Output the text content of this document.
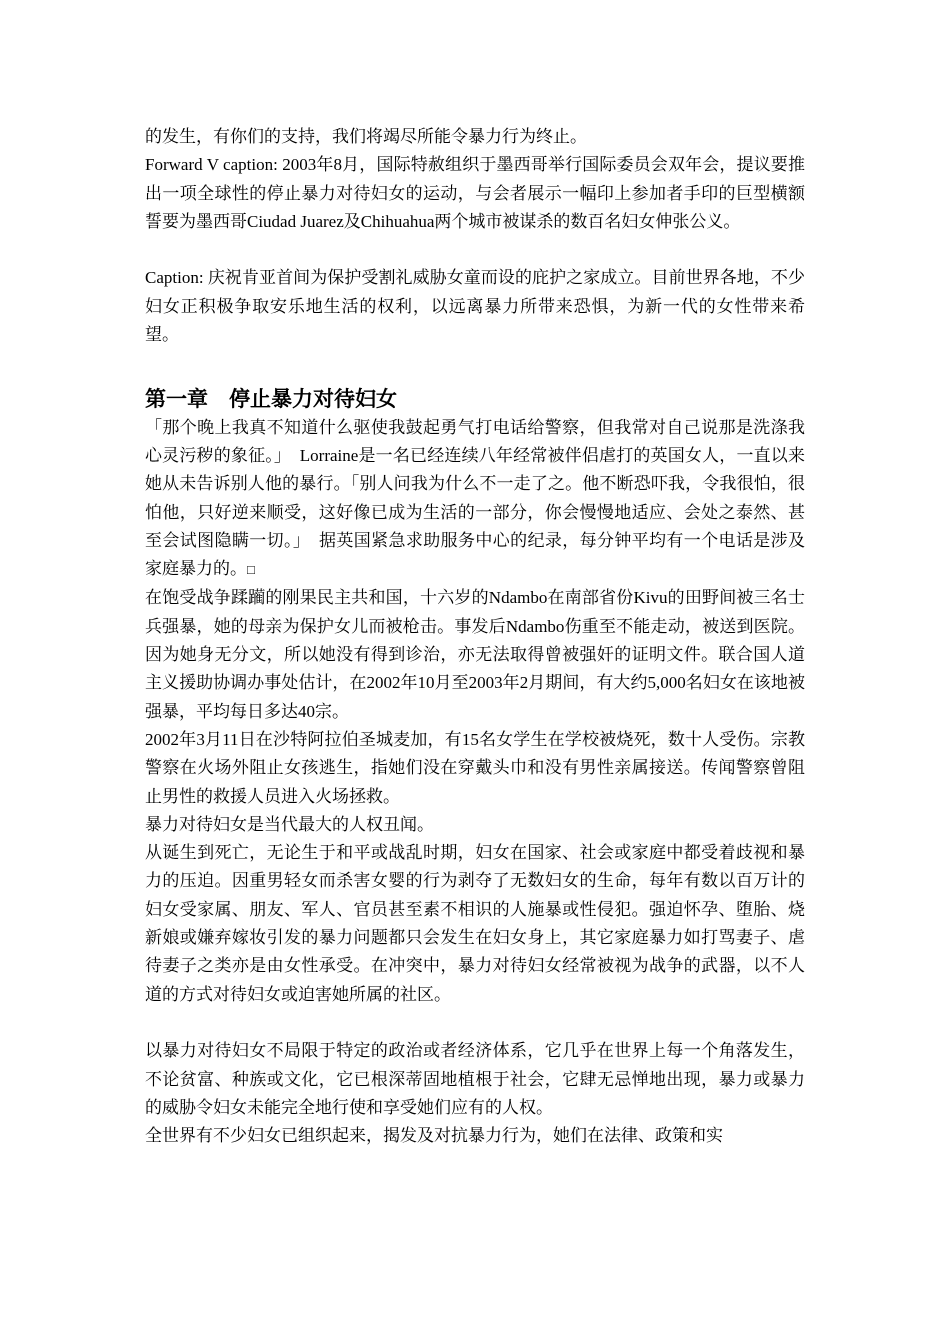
的发生，有你们的支持，我们将竭尽所能令暴力行为终止。

Forward V caption: 2003年8月，国际特赦组织于墨西哥举行国际委员会双年会，提议要推出一项全球性的停止暴力对待妇女的运动，与会者展示一幅印上参加者手印的巨型横额誓要为墨西哥Ciudad Juarez及Chihuahua两个城市被谋杀的数百名妇女伸张公义。

Caption: 庆祝肯亚首间为保护受割礼威胁女童而设的庇护之家成立。目前世界各地，不少妇女正积极争取安乐地生活的权利，以远离暴力所带来恐惧，为新一代的女性带来希望。

第一章　停止暴力对待妇女

「那个晚上我真不知道什么驱使我鼓起勇气打电话给警察，但我常对自己说那是洗涤我心灵污秽的象征。」　Lorraine是一名已经连续八年经常被伴侣虐打的英国女人，一直以来她从未告诉别人他的暴行。「别人问我为什么不一走了之。他不断恐吓我，令我很怕，很怕他，只好逆来顺受，这好像已成为生活的一部分，你会慢慢地适应、会处之泰然、甚至会试图隐瞒一切。」　据英国紧急求助服务中心的纪录，每分钟平均有一个电话是涉及家庭暴力的。□

在饱受战争蹂躏的刚果民主共和国，十六岁的Ndambo在南部省份Kivu的田野间被三名士兵强暴，她的母亲为保护女儿而被枪击。事发后Ndambo伤重至不能走动，被送到医院。因为她身无分文，所以她没有得到诊治，亦无法取得曾被强奸的证明文件。联合国人道主义援助协调办事处估计，在2002年10月至2003年2月期间，有大约5,000名妇女在该地被强暴，平均每日多达40宗。

2002年3月11日在沙特阿拉伯圣城麦加，有15名女学生在学校被烧死，数十人受伤。宗教警察在火场外阻止女孩逃生，指她们没在穿戴头巾和没有男性亲属接送。传闻警察曾阻止男性的救援人员进入火场拯救。

暴力对待妇女是当代最大的人权丑闻。

从诞生到死亡，无论生于和平或战乱时期，妇女在国家、社会或家庭中都受着歧视和暴力的压迫。因重男轻女而杀害女婴的行为剥夺了无数妇女的生命，每年有数以百万计的妇女受家属、朋友、军人、官员甚至素不相识的人施暴或性侵犯。强迫怀孕、堕胎、烧新娘或嫌弃嫁妆引发的暴力问题都只会发生在妇女身上，其它家庭暴力如打骂妻子、虐待妻子之类亦是由女性承受。在冲突中，暴力对待妇女经常被视为战争的武器，以不人道的方式对待妇女或迫害她所属的社区。

以暴力对待妇女不局限于特定的政治或者经济体系，它几乎在世界上每一个角落发生，不论贫富、种族或文化，它已根深蒂固地植根于社会，它肆无忌惮地出现，暴力或暴力的威胁令妇女未能完全地行使和享受她们应有的人权。

全世界有不少妇女已组织起来，揭发及对抗暴力行为，她们在法律、政策和实
